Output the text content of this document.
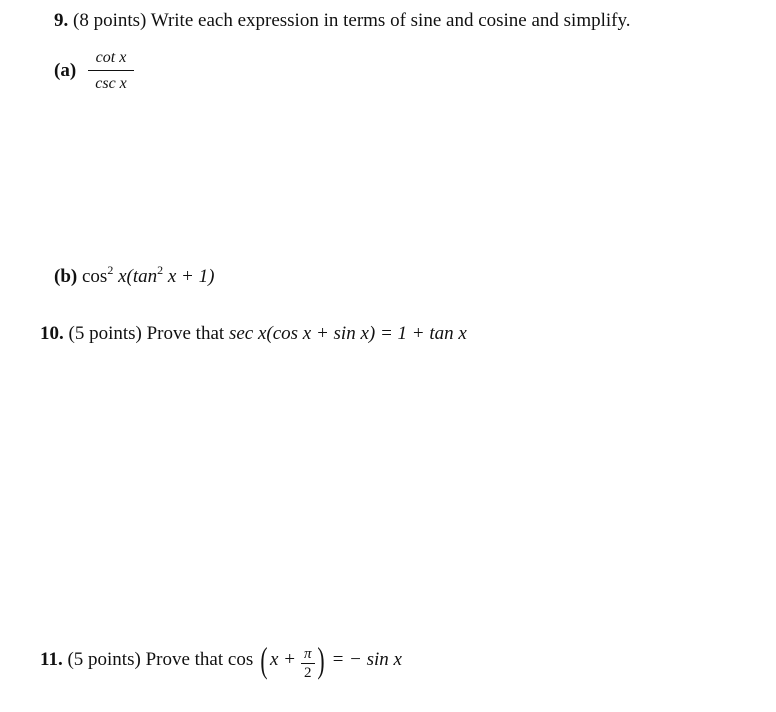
9. (8 points) Write each expression in terms of sine and cosine and simplify.
(a)
cot x
csc x
(b) $\cos^2 x(\tan^2$ x + 1)
10. (5 points) Prove that sec x(cos x + sin x) = 1 + tan x
11. (5 points) Prove that cos ( $x + \frac{\pi}{2}$ ) = − sin x
